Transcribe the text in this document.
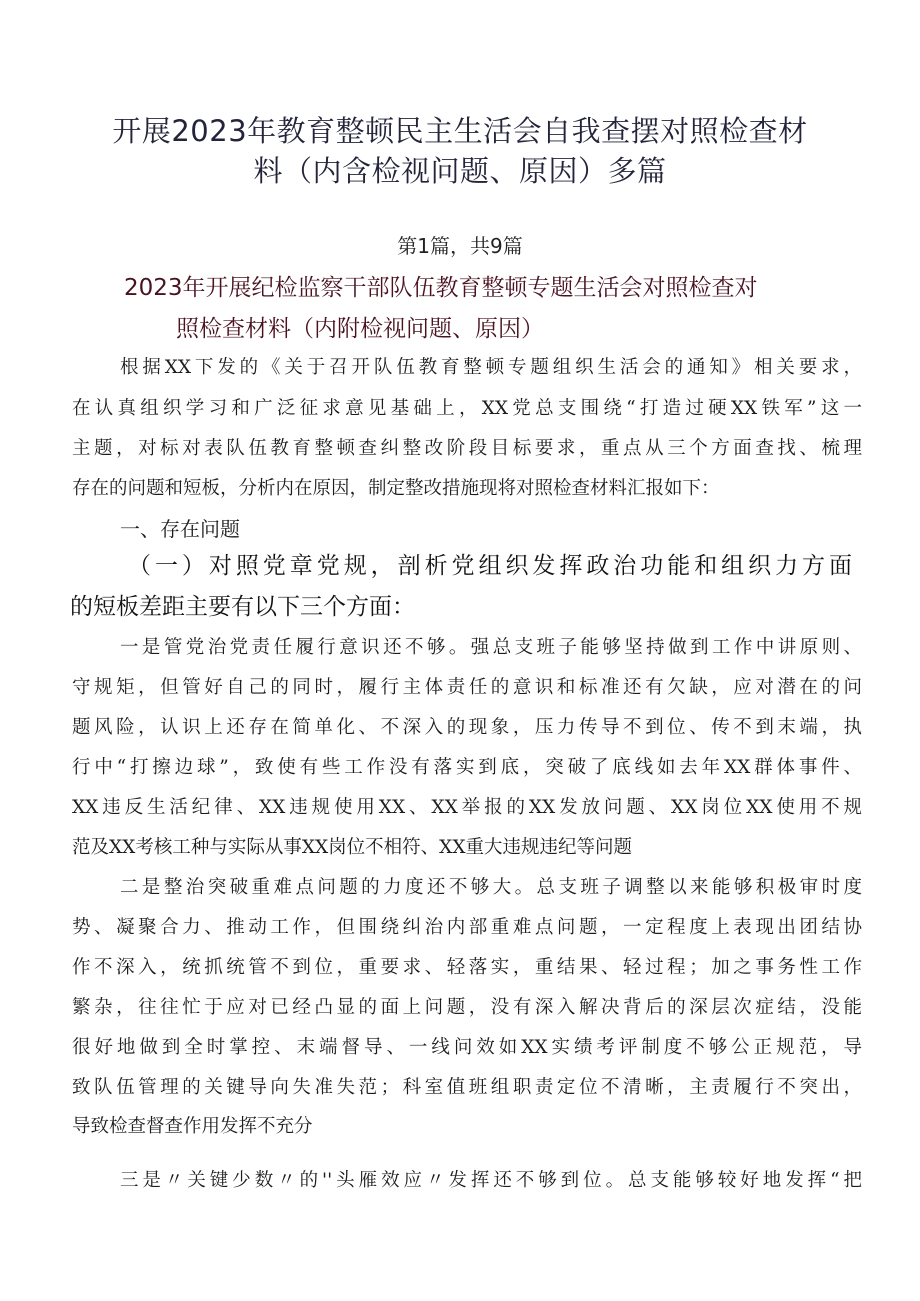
开展2023年教育整顿民主生活会自我查摆对照检查材
料（内含检视问题、原因）多篇
第1篇，共9篇
2023年开展纪检监察干部队伍教育整顿专题生活会对照检查对
照检查材料（内附检视问题、原因）
根据XX下发的《关于召开队伍教育整顿专题组织生活会的通知》相关要求，
在认真组织学习和广泛征求意见基础上，XX党总支围绕“打造过硬XX铁军”这一
主题，对标对表队伍教育整顿查纠整改阶段目标要求，重点从三个方面查找、梳理
存在的问题和短板，分析内在原因，制定整改措施现将对照检查材料汇报如下：
一、存在问题
（一）对照党章党规，剖析党组织发挥政治功能和组织力方面
的短板差距主要有以下三个方面：
一是管党治党责任履行意识还不够。强总支班子能够坚持做到工作中讲原则、
守规矩，但管好自己的同时，履行主体责任的意识和标准还有欠缺，应对潜在的问
题风险，认识上还存在简单化、不深入的现象，压力传导不到位、传不到末端，执
行中“打擦边球”，致使有些工作没有落实到底，突破了底线如去年XX群体事件、
XX违反生活纪律、XX违规使用XX、XX举报的XX发放问题、XX岗位XX使用不规
范及XX考核工种与实际从事XX岗位不相符、XX重大违规违纪等问题
二是整治突破重难点问题的力度还不够大。总支班子调整以来能够积极审时度
势、凝聚合力、推动工作，但围绕纠治内部重难点问题，一定程度上表现出团结协
作不深入，统抓统管不到位，重要求、轻落实，重结果、轻过程；加之事务性工作
繁杂，往往忙于应对已经凸显的面上问题，没有深入解决背后的深层次症结，没能
很好地做到全时掌控、末端督导、一线问效如XX实绩考评制度不够公正规范，导
致队伍管理的关键导向失准失范；科室值班组职责定位不清晰，主责履行不突出，
导致检查督查作用发挥不充分
三是〃关键少数〃的''头雁效应〃发挥还不够到位。总支能够较好地发挥“把
